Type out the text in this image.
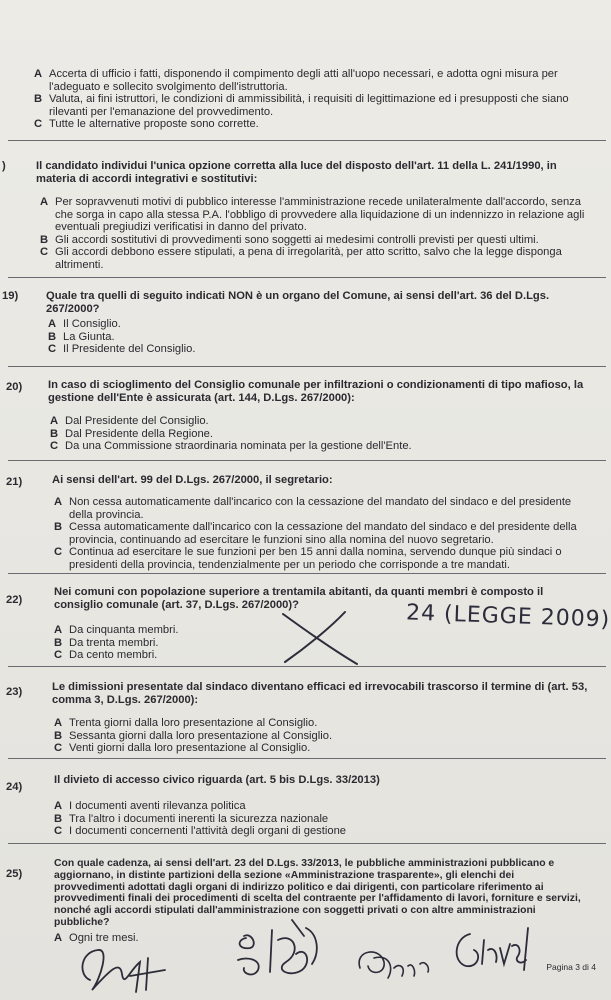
A Accerta di ufficio i fatti, disponendo il compimento degli atti all'uopo necessari, e adotta ogni misura per l'adeguato e sollecito svolgimento dell'istruttoria.
B Valuta, ai fini istruttori, le condizioni di ammissibilità, i requisiti di legittimazione ed i presupposti che siano rilevanti per l'emanazione del provvedimento.
C Tutte le alternative proposte sono corrette.
)	Il candidato individui l'unica opzione corretta alla luce del disposto dell'art. 11 della L. 241/1990, in materia di accordi integrativi e sostitutivi:
A Per sopravvenuti motivi di pubblico interesse l'amministrazione recede unilateralmente dall'accordo, senza che sorga in capo alla stessa P.A. l'obbligo di provvedere alla liquidazione di un indennizzo in relazione agli eventuali pregiudizi verificatisi in danno del privato.
B Gli accordi sostitutivi di provvedimenti sono soggetti ai medesimi controlli previsti per questi ultimi.
C Gli accordi debbono essere stipulati, a pena di irregolarità, per atto scritto, salvo che la legge disponga altrimenti.
19) Quale tra quelli di seguito indicati NON è un organo del Comune, ai sensi dell'art. 36 del D.Lgs. 267/2000?
A Il Consiglio.
B La Giunta.
C Il Presidente del Consiglio.
20) In caso di scioglimento del Consiglio comunale per infiltrazioni o condizionamenti di tipo mafioso, la gestione dell'Ente è assicurata (art. 144, D.Lgs. 267/2000):
A Dal Presidente del Consiglio.
B Dal Presidente della Regione.
C Da una Commissione straordinaria nominata per la gestione dell'Ente.
21)	Ai sensi dell'art. 99 del D.Lgs. 267/2000, il segretario:
A Non cessa automaticamente dall'incarico con la cessazione del mandato del sindaco e del presidente della provincia.
B Cessa automaticamente dall'incarico con la cessazione del mandato del sindaco e del presidente della provincia, continuando ad esercitare le funzioni sino alla nomina del nuovo segretario.
C Continua ad esercitare le sue funzioni per ben 15 anni dalla nomina, servendo dunque più sindaci o presidenti della provincia, tendenzialmente per un periodo che corrisponde a tre mandati.
22)
Nei comuni con popolazione superiore a trentamila abitanti, da quanti membri è composto il consiglio comunale (art. 37, D.Lgs. 267/2000)?
A Da cinquanta membri.
B Da trenta membri.
C Da cento membri.
24 (LEGGE 2009)
23)	Le dimissioni presentate dal sindaco diventano efficaci ed irrevocabili trascorso il termine di (art. 53, comma 3, D.Lgs. 267/2000):
A Trenta giorni dalla loro presentazione al Consiglio.
B Sessanta giorni dalla loro presentazione al Consiglio.
C Venti giorni dalla loro presentazione al Consiglio.
24)
Il divieto di accesso civico riguarda (art. 5 bis D.Lgs. 33/2013)
A I documenti aventi rilevanza politica
B Tra l'altro i documenti inerenti la sicurezza nazionale
C I documenti concernenti l'attività degli organi di gestione
25)
Con quale cadenza, ai sensi dell'art. 23 del D.Lgs. 33/2013, le pubbliche amministrazioni pubblicano e aggiornano, in distinte partizioni della sezione «Amministrazione trasparente», gli elenchi dei provvedimenti adottati dagli organi di indirizzo politico e dai dirigenti, con particolare riferimento ai provvedimenti finali dei procedimenti di scelta del contraente per l'affidamento di lavori, forniture e servizi, nonché agli accordi stipulati dall'amministrazione con soggetti privati o con altre amministrazioni pubbliche?
A Ogni tre mesi.
Pagina 3 di 4
